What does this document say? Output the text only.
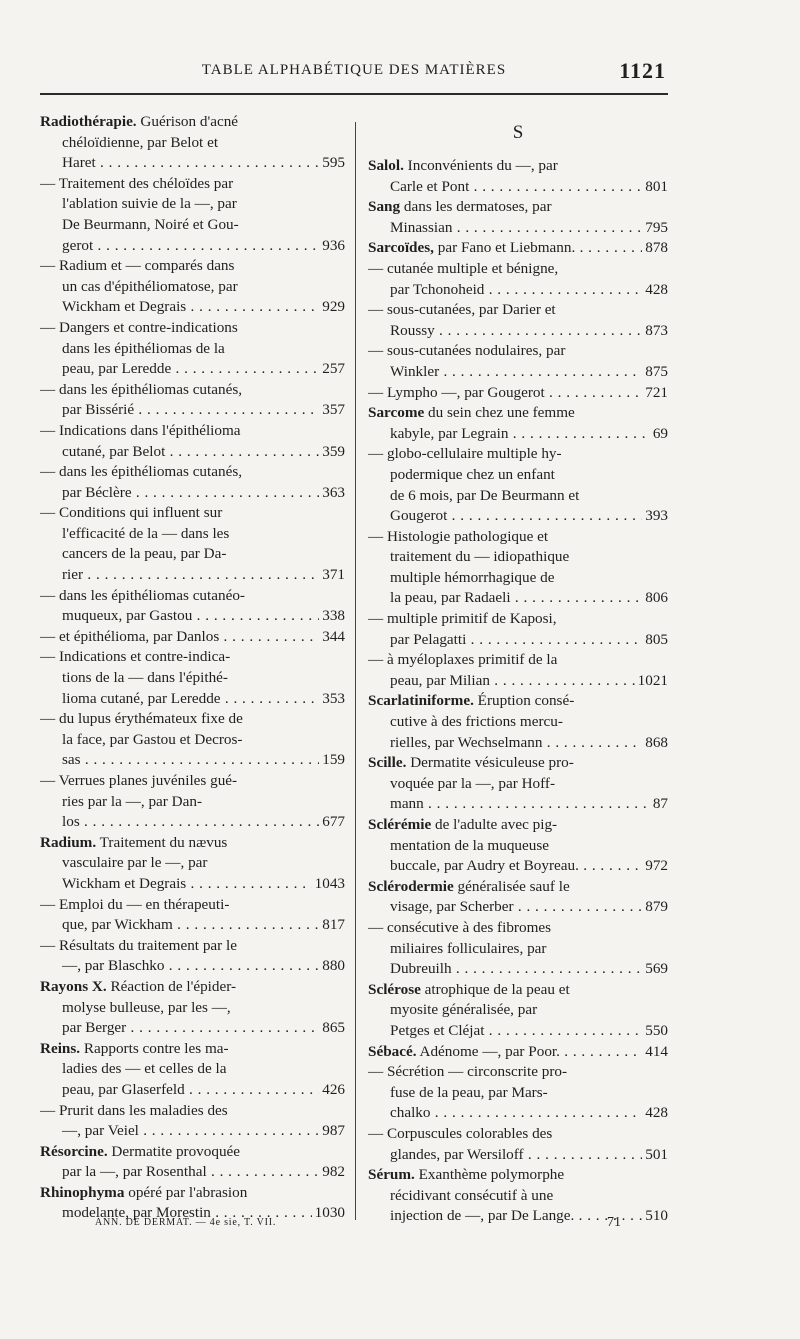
TABLE ALPHABÉTIQUE DES MATIÈRES	1121
Radiothérapie. Guérison d'acné
chéloïdienne, par Belot et
Haret . . .	595
— Traitement des chéloïdes par
l'ablation suivie de la —, par
De Beurmann, Noiré et Gou-
gerot . . .	936
— Radium et — comparés dans
un cas d'épithéliomatose, par
Wickham et Degrais . . .	929
— Dangers et contre-indications
dans les épithéliomas de la
peau, par Leredde . . .	257
— dans les épithéliomas cutanés,
par Bissérié . . .	357
— Indications dans l'épithélioma
cutané, par Belot . . .	359
— dans les épithéliomas cutanés,
par Béclère . . .	363
— Conditions qui influent sur
l'efficacité de la — dans les
cancers de la peau, par Da-
rier . . .	371
— dans les épithéliomas cutanéo-
muqueux, par Gastou . . .	338
— et épithélioma, par Danlos . . .	344
— Indications et contre-indica-
tions de la — dans l'épithé-
lioma cutané, par Leredde . . .	353
— du lupus érythémateux fixe de
la face, par Gastou et Decros-
sas . . .	159
— Verrues planes juvéniles gué-
ries par la —, par Dan-
los . . .	677
Radium. Traitement du nævus
vasculaire par le —, par
Wickham et Degrais . . .	1043
— Emploi du — en thérapeuti-
que, par Wickham . . .	817
— Résultats du traitement par le
—, par Blaschko . . .	880
Rayons X. Réaction de l'épider-
molyse bulleuse, par les —,
par Berger . . .	865
Reins. Rapports contre les ma-
ladies des — et celles de la
peau, par Glaserfeld . . .	426
— Prurit dans les maladies des
—, par Veiel . . .	987
Résorcine. Dermatite provoquée
par la —, par Rosenthal . . .	982
Rhinophyma opéré par l'abrasion
modelante, par Morestin . . .	1030
S
Salol. Inconvénients du —, par
Carle et Pont . . .	801
Sang dans les dermatoses, par
Minassian . . .	795
Sarcoïdes, par Fano et Liebmann. . . .	878
— cutanée multiple et bénigne,
par Tchonoheid . . .	428
— sous-cutanées, par Darier et
Roussy . . .	873
— sous-cutanées nodulaires, par
Winkler . . .	875
— Lympho —, par Gougerot . . .	721
Sarcome du sein chez une femme
kabyle, par Legrain . . .	69
— globo-cellulaire multiple hy-
podermique chez un enfant
de 6 mois, par De Beurmann et
Gougerot . . .	393
— Histologie pathologique et
traitement du — idiopathique
multiple hémorrhagique de
la peau, par Radaeli . . .	806
— multiple primitif de Kaposi,
par Pelagatti . . .	805
— à myéloplaxes primitif de la
peau, par Milian . . .	1021
Scarlatiniforme. Éruption consé-
cutive à des frictions mercu-
rielles, par Wechselmann . . .	868
Scille. Dermatite vésiculeuse pro-
voquée par la —, par Hoff-
mann . . .	87
Sclérémie de l'adulte avec pig-
mentation de la muqueuse
buccale, par Audry et Boyreau. . . .	972
Sclérodermie généralisée sauf le
visage, par Scherber . . .	879
— consécutive à des fibromes
miliaires folliculaires, par
Dubreuilh . . .	569
Sclérose atrophique de la peau et
myosite généralisée, par
Petges et Cléjat . . .	550
Sébacé. Adénome —, par Poor. . . .	414
— Sécrétion — circonscrite pro-
fuse de la peau, par Mars-
chalko . . .	428
— Corpuscules colorables des
glandes, par Wersiloff . . .	501
Sérum. Exanthème polymorphe
récidivant consécutif à une
injection de —, par De Lange. . . .	510
ANN. DE DERMAT. — 4e sie, T. VII.	71
